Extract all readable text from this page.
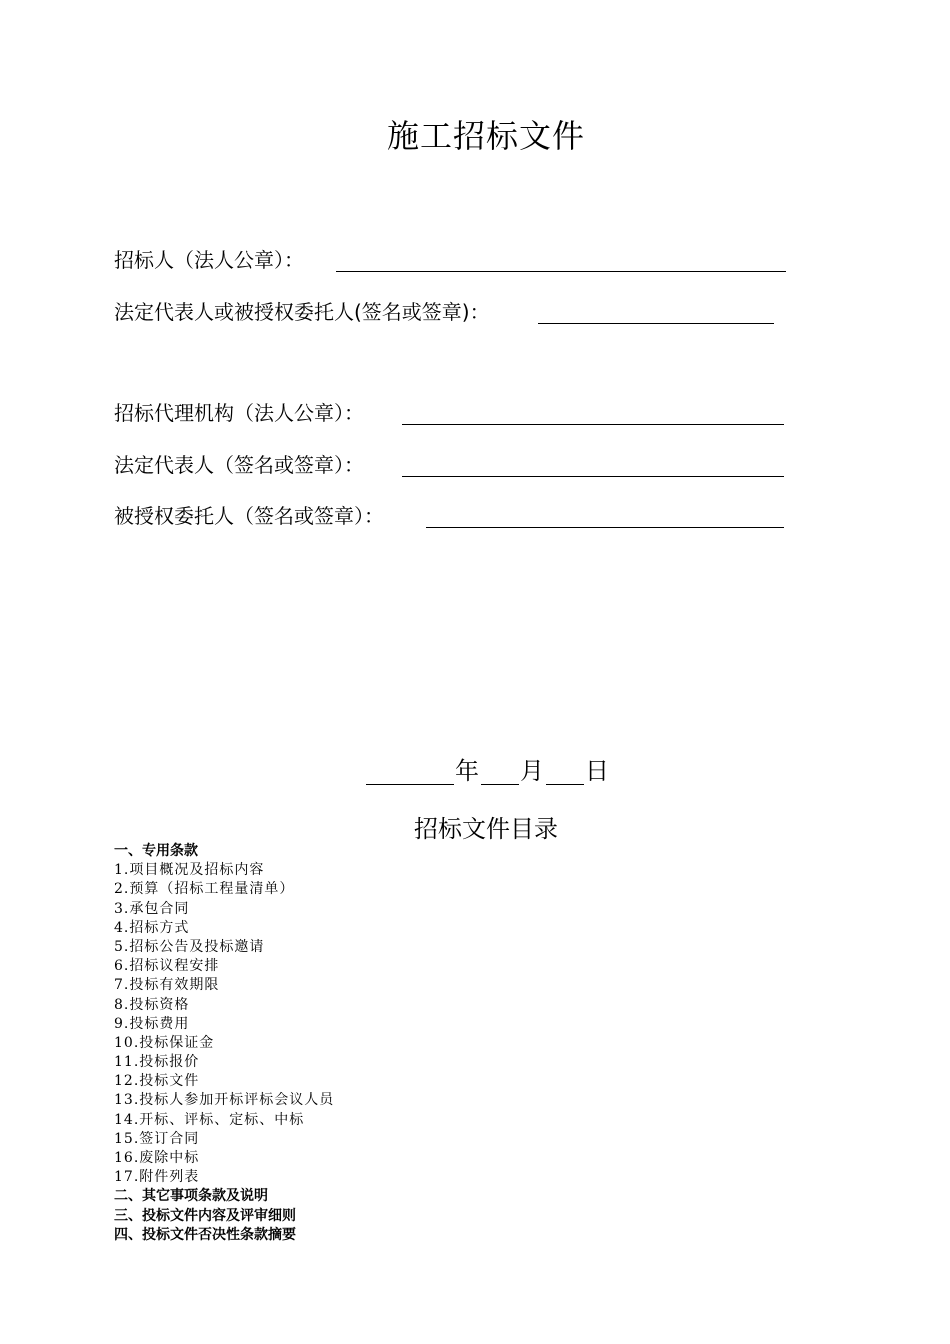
施工招标文件
招标人（法人公章）：
法定代表人或被授权委托人(签名或签章)：
招标代理机构（法人公章）：
法定代表人（签名或签章）：
被授权委托人（签名或签章）：
年 月 日
招标文件目录
一、专用条款
1.项目概况及招标内容
2.预算（招标工程量清单）
3.承包合同
4.招标方式
5.招标公告及投标邀请
6.招标议程安排
7.投标有效期限
8.投标资格
9.投标费用
10.投标保证金
11.投标报价
12.投标文件
13.投标人参加开标评标会议人员
14.开标、评标、定标、中标
15.签订合同
16.废除中标
17.附件列表
二、其它事项条款及说明
三、投标文件内容及评审细则
四、投标文件否决性条款摘要
